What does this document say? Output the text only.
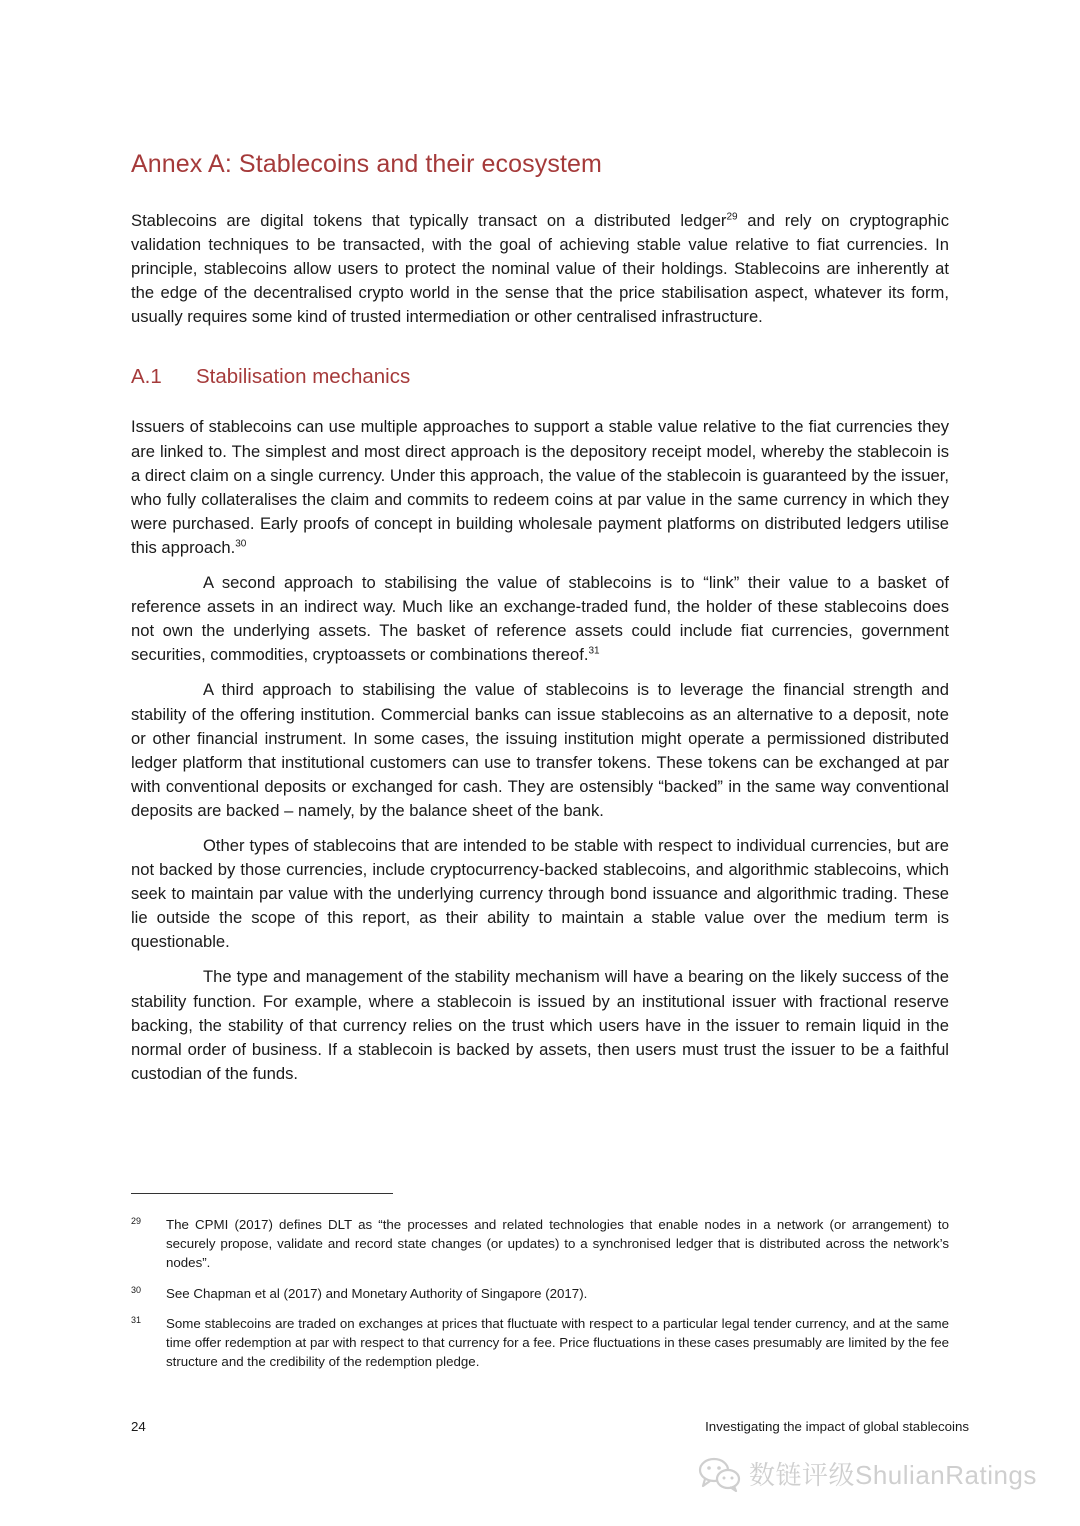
Annex A: Stablecoins and their ecosystem

Stablecoins are digital tokens that typically transact on a distributed ledger$^{29}$ and rely on cryptographic validation techniques to be transacted, with the goal of achieving stable value relative to fiat currencies. In principle, stablecoins allow users to protect the nominal value of their holdings. Stablecoins are inherently at the edge of the decentralised crypto world in the sense that the price stabilisation aspect, whatever its form, usually requires some kind of trusted intermediation or other centralised infrastructure.

A.1	Stabilisation mechanics

Issuers of stablecoins can use multiple approaches to support a stable value relative to the fiat currencies they are linked to. The simplest and most direct approach is the depository receipt model, whereby the stablecoin is a direct claim on a single currency. Under this approach, the value of the stablecoin is guaranteed by the issuer, who fully collateralises the claim and commits to redeem coins at par value in the same currency in which they were purchased. Early proofs of concept in building wholesale payment platforms on distributed ledgers utilise this approach.$^{30}$

A second approach to stabilising the value of stablecoins is to “link” their value to a basket of reference assets in an indirect way. Much like an exchange-traded fund, the holder of these stablecoins does not own the underlying assets. The basket of reference assets could include fiat currencies, government securities, commodities, cryptoassets or combinations thereof.$^{31}$

A third approach to stabilising the value of stablecoins is to leverage the financial strength and stability of the offering institution. Commercial banks can issue stablecoins as an alternative to a deposit, note or other financial instrument. In some cases, the issuing institution might operate a permissioned distributed ledger platform that institutional customers can use to transfer tokens. These tokens can be exchanged at par with conventional deposits or exchanged for cash. They are ostensibly “backed” in the same way conventional deposits are backed – namely, by the balance sheet of the bank.

Other types of stablecoins that are intended to be stable with respect to individual currencies, but are not backed by those currencies, include cryptocurrency-backed stablecoins, and algorithmic stablecoins, which seek to maintain par value with the underlying currency through bond issuance and algorithmic trading. These lie outside the scope of this report, as their ability to maintain a stable value over the medium term is questionable.

The type and management of the stability mechanism will have a bearing on the likely success of the stability function. For example, where a stablecoin is issued by an institutional issuer with fractional reserve backing, the stability of that currency relies on the trust which users have in the issuer to remain liquid in the normal order of business. If a stablecoin is backed by assets, then users must trust the issuer to be a faithful custodian of the funds.

29	The CPMI (2017) defines DLT as “the processes and related technologies that enable nodes in a network (or arrangement) to securely propose, validate and record state changes (or updates) to a synchronised ledger that is distributed across the network’s nodes”.
30	See Chapman et al (2017) and Monetary Authority of Singapore (2017).
31	Some stablecoins are traded on exchanges at prices that fluctuate with respect to a particular legal tender currency, and at the same time offer redemption at par with respect to that currency for a fee. Price fluctuations in these cases presumably are limited by the fee structure and the credibility of the redemption pledge.
24	Investigating the impact of global stablecoins
数链评级ShulianRatings
